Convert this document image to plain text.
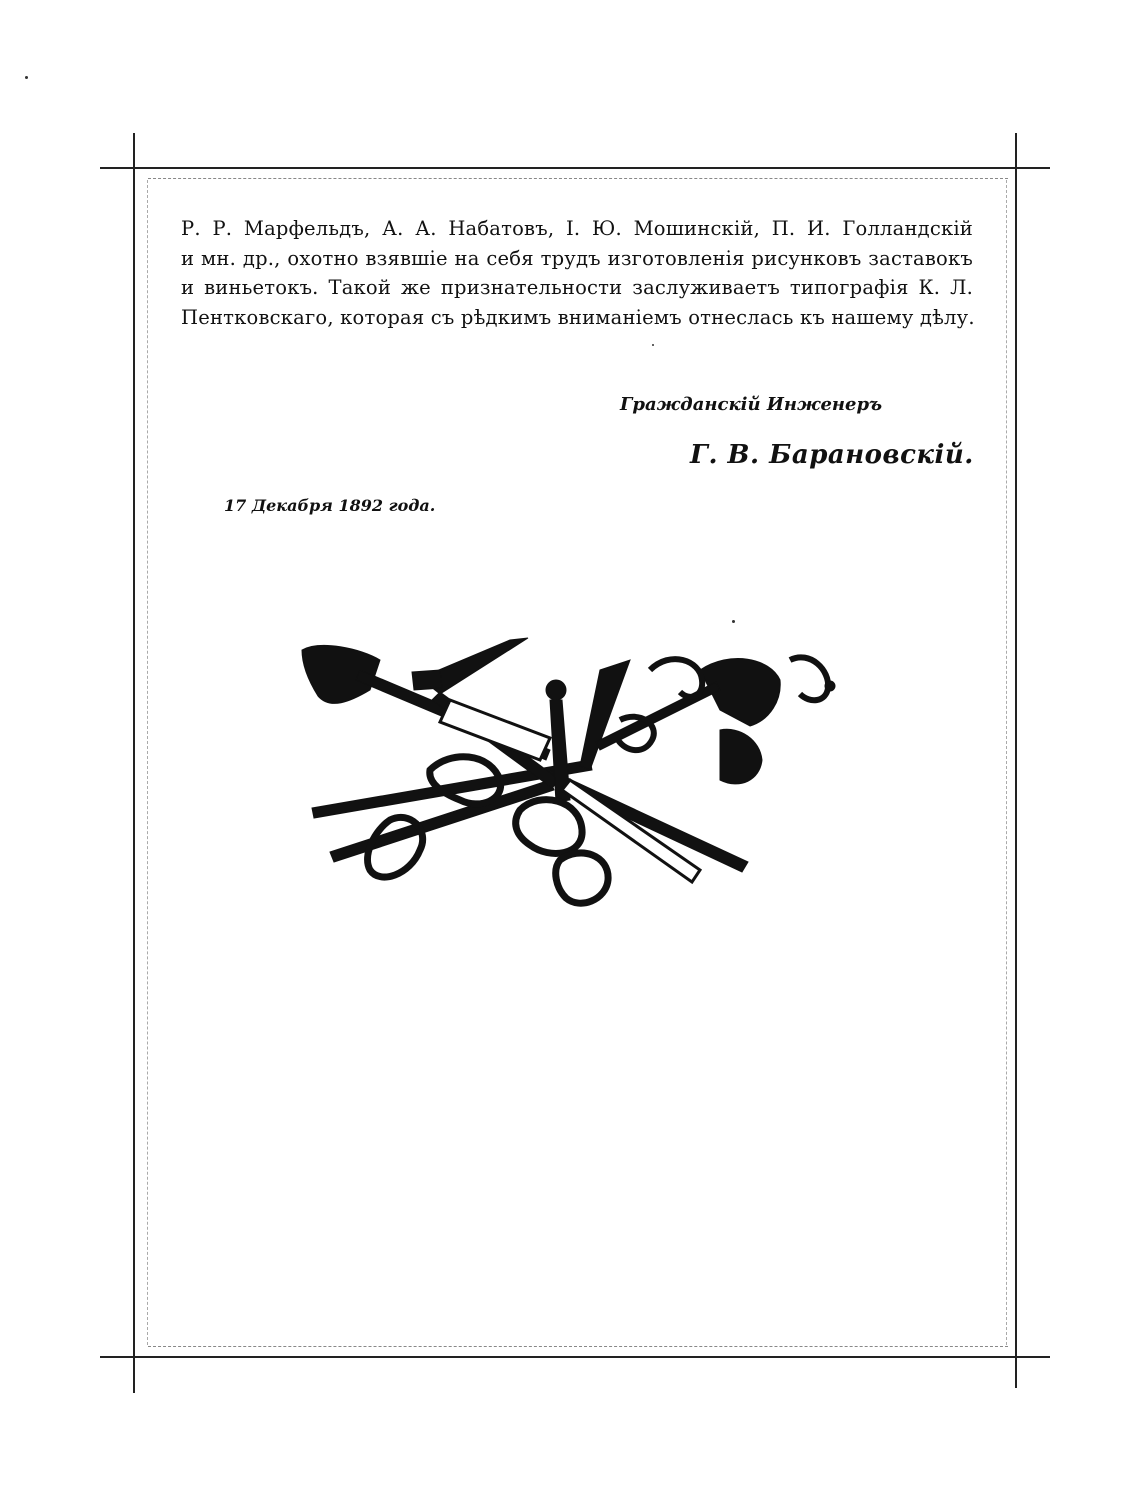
Р. Р. Марфельдъ, А. А. Набатовъ, І. Ю. Мошинскій, П. И. Голландскій
и мн. др., охотно взявшіе на себя трудъ изготовленія рисунковъ заставокъ
и виньетокъ. Такой же признательности заслуживаетъ типографія К. Л.
Пентковскаго, которая съ рѣдкимъ вниманіемъ отнеслась къ нашему дѣлу.
Гражданскій Инженеръ
Г. В. Барановскій.
17 Декабря 1892 года.
